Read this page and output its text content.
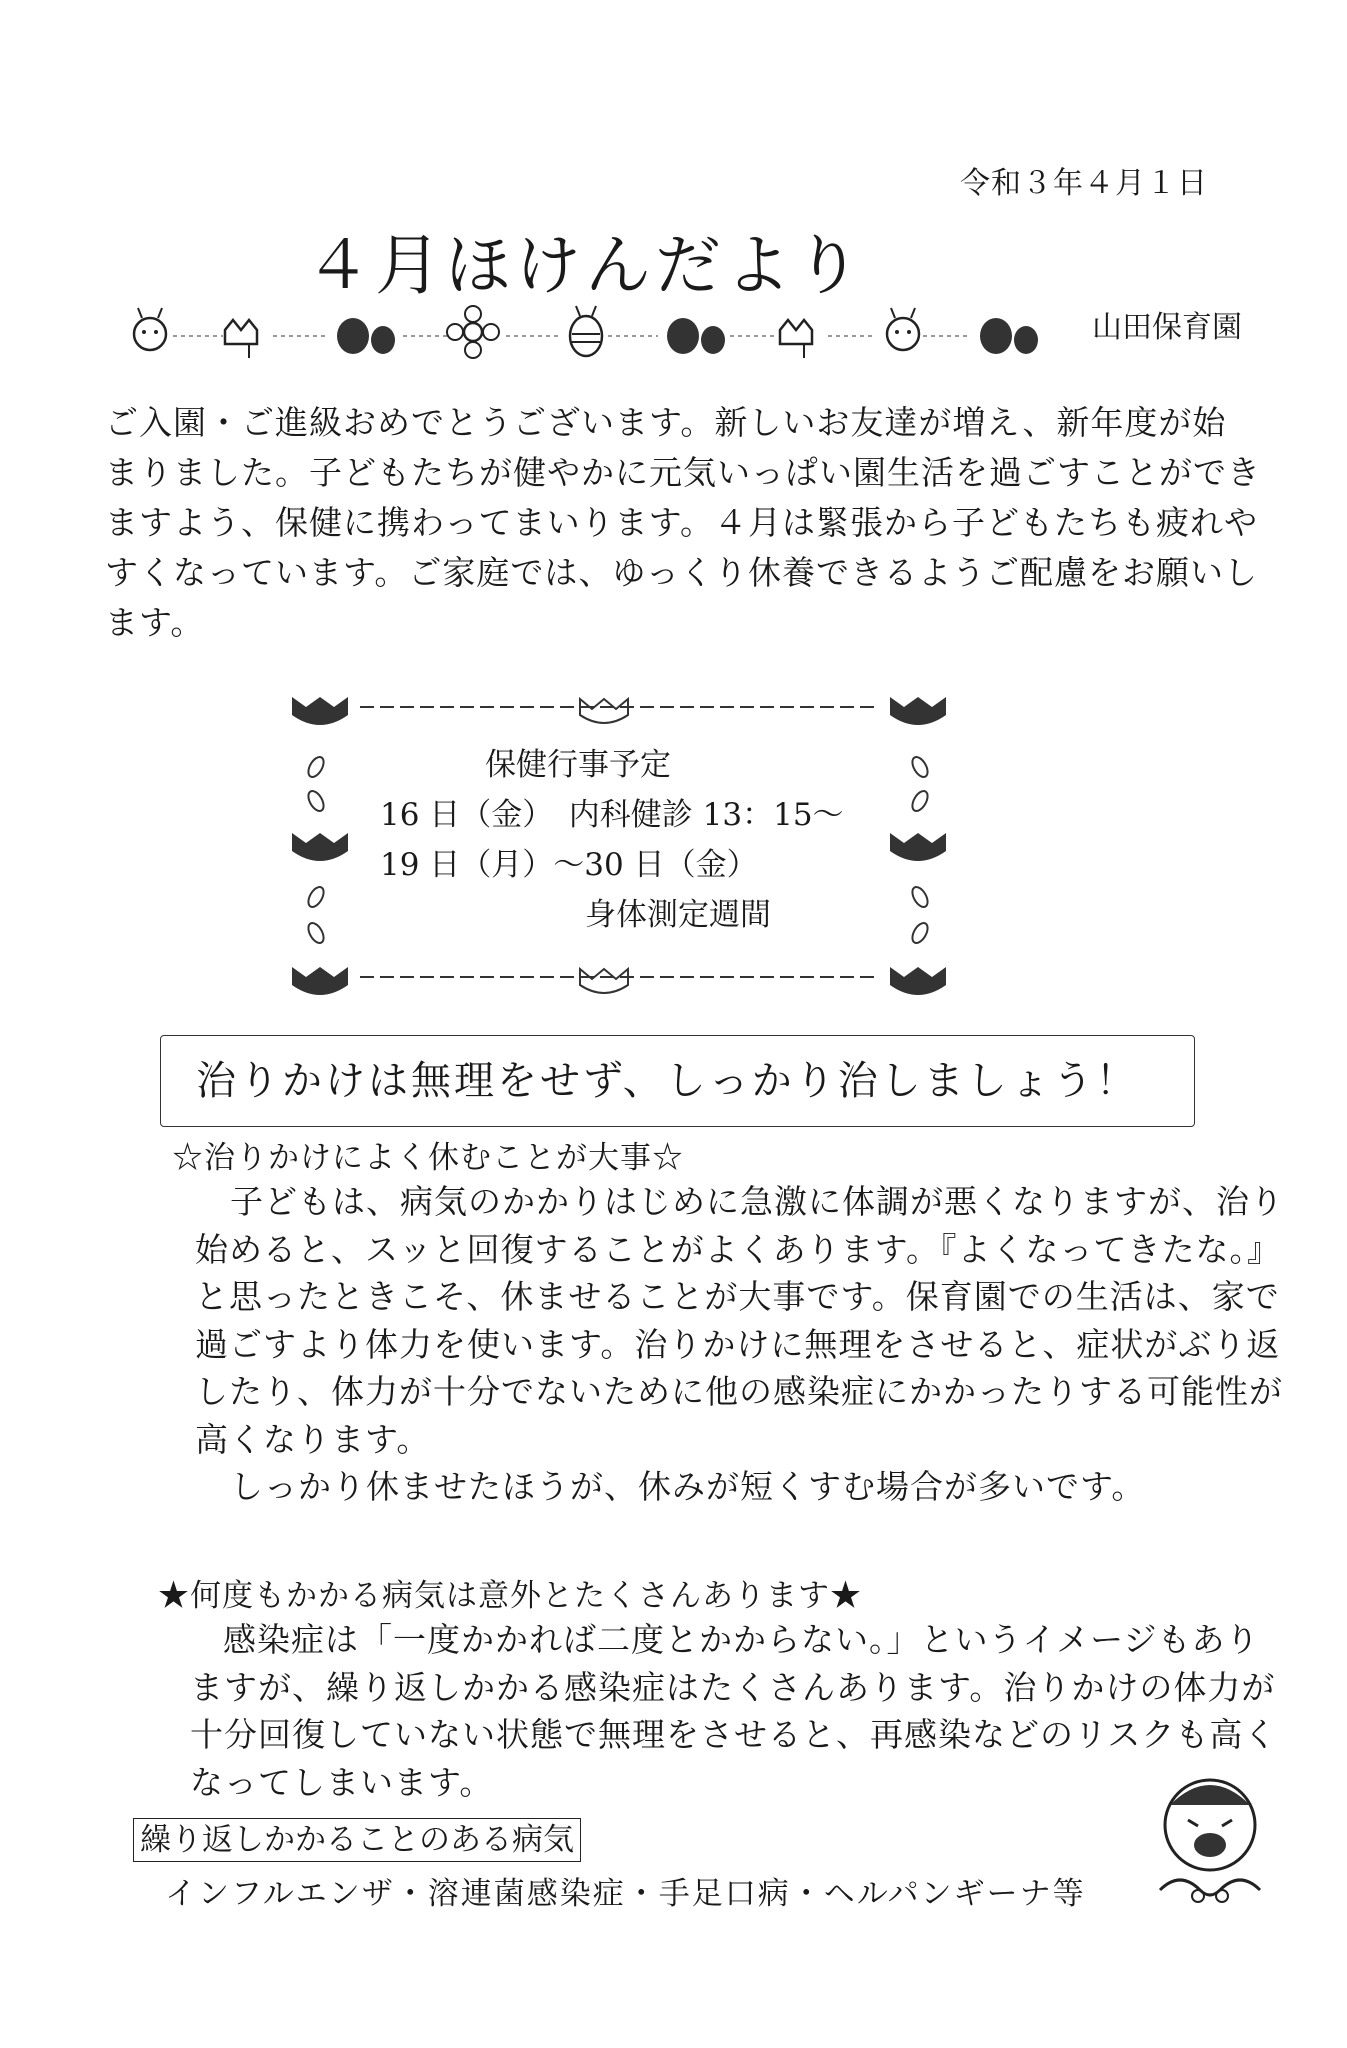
令和３年４月１日
４月ほけんだより
山田保育園

ご入園・ご進級おめでとうございます。新しいお友達が増え、新年度が始

まりました。子どもたちが健やかに元気いっぱい園生活を過ごすことができ

ますよう、保健に携わってまいります。４月は緊張から子どもたちも疲れや

すくなっています。ご家庭では、ゆっくり休養できるようご配慮をお願いし

ます。

保健行事予定
16 日（金）　内科健診 13：15～
19 日（月）～30 日（金）
身体測定週間
治りかけは無理をせず、しっかり治しましょう！
☆治りかけによく休むことが大事☆

子どもは、病気のかかりはじめに急激に体調が悪くなりますが、治り

始めると、スッと回復することがよくあります。『よくなってきたな。』

と思ったときこそ、休ませることが大事です。保育園での生活は、家で

過ごすより体力を使います。治りかけに無理をさせると、症状がぶり返

したり、体力が十分でないために他の感染症にかかったりする可能性が

高くなります。

しっかり休ませたほうが、休みが短くすむ場合が多いです。

★何度もかかる病気は意外とたくさんあります★

感染症は「一度かかれば二度とかからない。」というイメージもあり

ますが、繰り返しかかる感染症はたくさんあります。治りかけの体力が

十分回復していない状態で無理をさせると、再感染などのリスクも高く

なってしまいます。

繰り返しかかることのある病気
インフルエンザ・溶連菌感染症・手足口病・ヘルパンギーナ等
